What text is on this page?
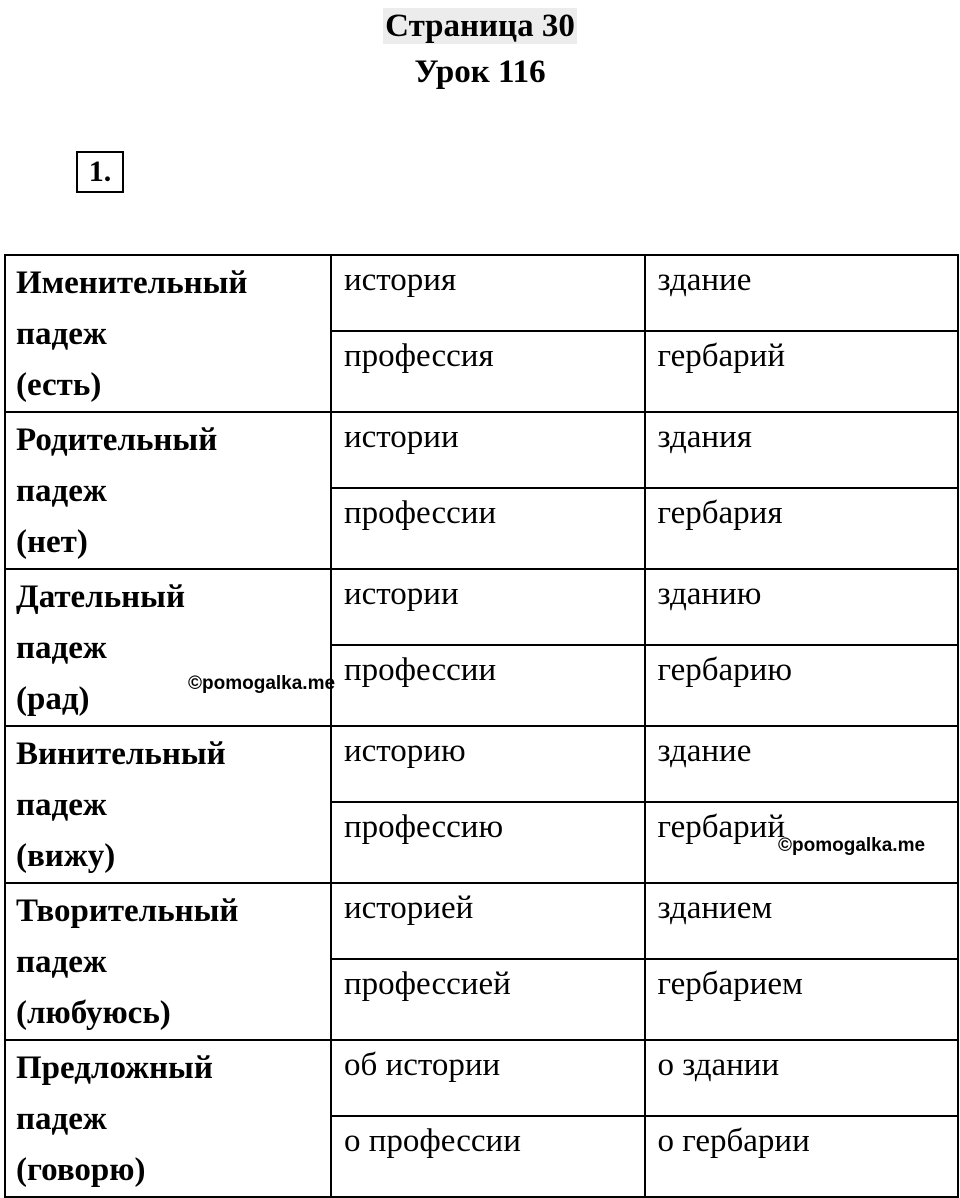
Страница 30
Урок 116
1.
Именительный
падеж
(есть)	история	здание
	профессия	гербарий

Родительный
падеж
(нет)	истории	здания
	профессии	гербария

Дательный
падеж
(рад)	истории	зданию
	профессии	гербарию

Винительный
падеж
(вижу)	историю	здание
	профессию	гербарий

Творительный
падеж
(любуюсь)	историей	зданием
	профессией	гербарием

Предложный
падеж
(говорю)	об истории	о здании
	о профессии	о гербарии
©pomogalka.me
©pomogalka.me
